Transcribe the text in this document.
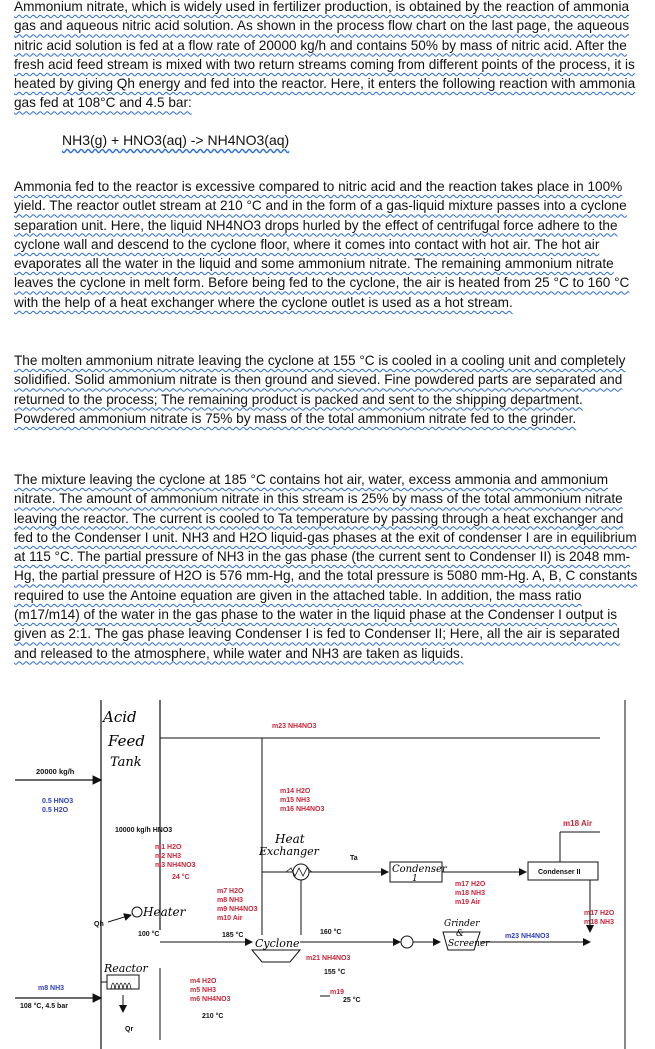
Ammonium nitrate, which is widely used in fertilizer production, is obtained by the reaction of ammonia gas and aqueous nitric acid solution. As shown in the process flow chart on the last page, the aqueous nitric acid solution is fed at a flow rate of 20000 kg/h and contains 50% by mass of nitric acid. After the fresh acid feed stream is mixed with two return streams coming from different points of the process, it is heated by giving Qh energy and fed into the reactor. Here, it enters the following reaction with ammonia gas fed at 108°C and 4.5 bar:
NH3(g) + HNO3(aq) -> NH4NO3(aq)
Ammonia fed to the reactor is excessive compared to nitric acid and the reaction takes place in 100% yield. The reactor outlet stream at 210 °C and in the form of a gas-liquid mixture passes into a cyclone separation unit. Here, the liquid NH4NO3 drops hurled by the effect of centrifugal force adhere to the cyclone wall and descend to the cyclone floor, where it comes into contact with hot air. The hot air evaporates all the water in the liquid and some ammonium nitrate. The remaining ammonium nitrate leaves the cyclone in melt form. Before being fed to the cyclone, the air is heated from 25 °C to 160 °C with the help of a heat exchanger where the cyclone outlet is used as a hot stream.
The molten ammonium nitrate leaving the cyclone at 155 °C is cooled in a cooling unit and completely solidified. Solid ammonium nitrate is then ground and sieved. Fine powdered parts are separated and returned to the process; The remaining product is packed and sent to the shipping department. Powdered ammonium nitrate is 75% by mass of the total ammonium nitrate fed to the grinder.
The mixture leaving the cyclone at 185 °C contains hot air, water, excess ammonia and ammonium nitrate. The amount of ammonium nitrate in this stream is 25% by mass of the total ammonium nitrate leaving the reactor. The current is cooled to Ta temperature by passing through a heat exchanger and fed to the Condenser I unit. NH3 and H2O liquid-gas phases at the exit of condenser I are in equilibrium at 115 °C. The partial pressure of NH3 in the gas phase (the current sent to Condenser II) is 2048 mm-Hg, the partial pressure of H2O is 576 mm-Hg, and the total pressure is 5080 mm-Hg. A, B, C constants required to use the Antoine equation are given in the attached table. In addition, the mass ratio (m17/m14) of the water in the gas phase to the water in the liquid phase at the Condenser I output is given as 2:1. The gas phase leaving Condenser I is fed to Condenser II; Here, all the air is separated and released to the atmosphere, while water and NH3 are taken as liquids.
Acid
Feed
Tank
20000 kg/h
0.5 HNO3
0.5 H2O
m23 NH4NO3
10000 kg/h HNO3
m1 H2O
m2 NH3
m3 NH4NO3
24 °C
Heater
Qh
100 °C
Reactor
Qr
m8 NH3
108 °C, 4.5 bar
m4 H2O
m5 NH3
m6 NH4NO3
210 °C
m14 H2O
m15 NH3
m16 NH4NO3
Heat
Exchanger
160 °C
Ta
m7 H2O
m8 NH3
m9 NH4NO3
m10 Air
185 °C
Cyclone
m21 NH4NO3
155 °C
m19
25 °C
Grinder
&
Screener
m23 NH4NO3
Condenser
1
m17 H2O
m18 NH3
m19 Air
Condenser II
m18 Air
m17 H2O
m18 NH3
